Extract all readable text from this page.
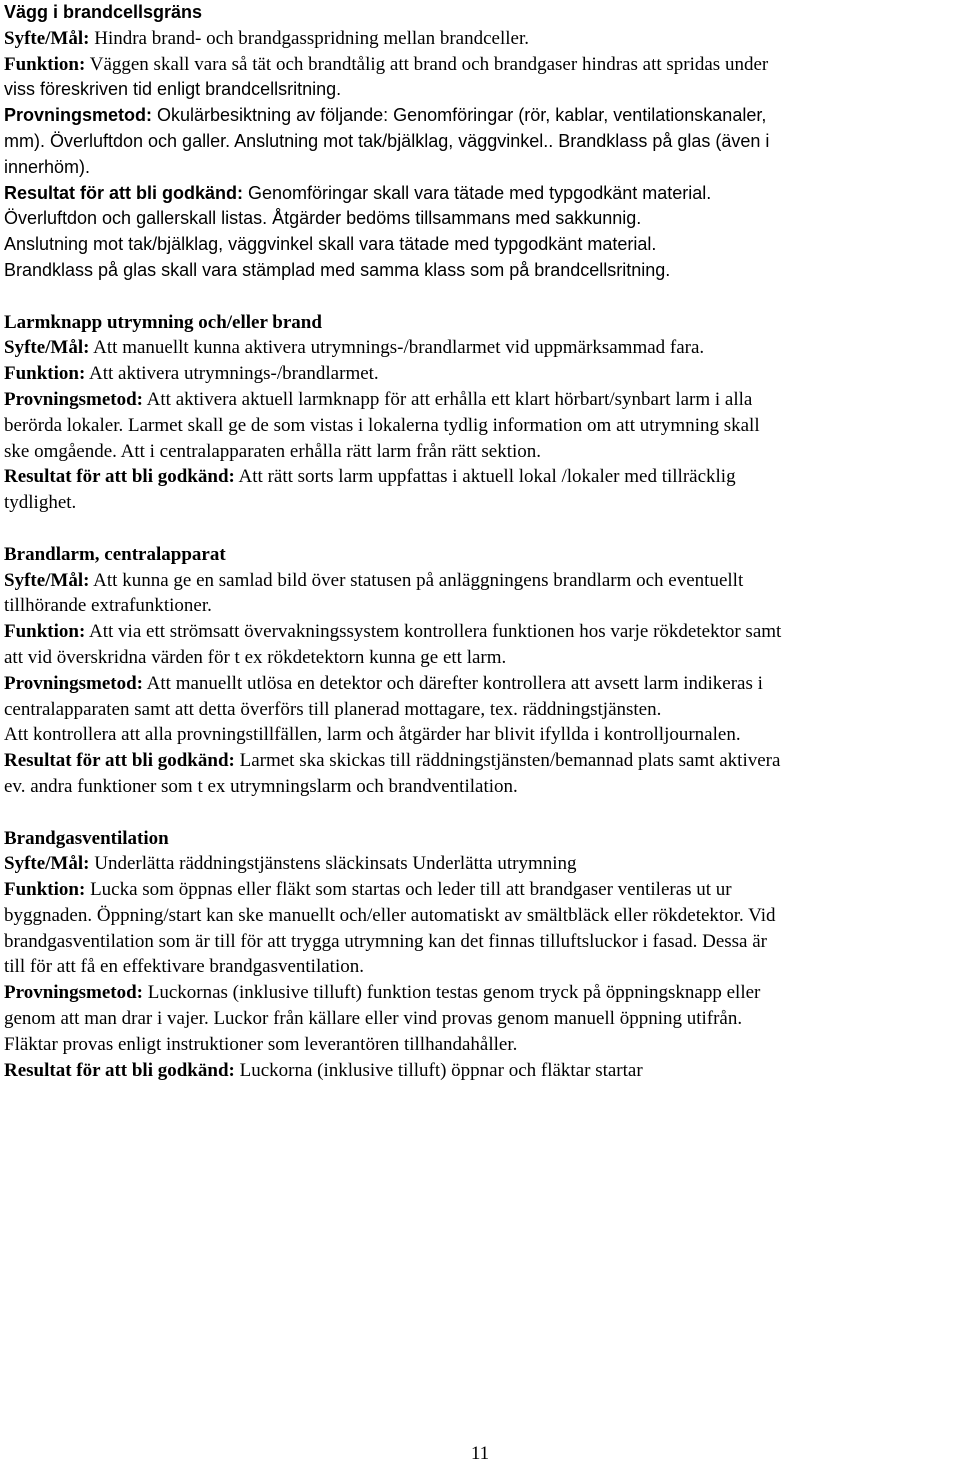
Vägg i brandcellsgräns
Syfte/Mål: Hindra brand- och brandgasspridning mellan brandceller.
Funktion: Väggen skall vara så tät och brandtålig att brand och brandgaser hindras att spridas under
viss föreskriven tid enligt brandcellsritning.
Provningsmetod: Okulärbesiktning av följande: Genomföringar (rör, kablar, ventilationskanaler,
mm). Överluftdon och galler. Anslutning mot tak/bjälklag, väggvinkel.. Brandklass på glas (även i
innerhöm).
Resultat för att bli godkänd: Genomföringar skall vara tätade med typgodkänt material.
Överluftdon och gallerskall listas. Åtgärder bedöms tillsammans med sakkunnig.
Anslutning mot tak/bjälklag, väggvinkel skall vara tätade med typgodkänt material.
Brandklass på glas skall vara stämplad med samma klass som på brandcellsritning.
Larmknapp utrymning och/eller brand
Syfte/Mål: Att manuellt kunna aktivera utrymnings-/brandlarmet vid uppmärksammad fara.
Funktion: Att aktivera utrymnings-/brandlarmet.
Provningsmetod: Att aktivera aktuell larmknapp för att erhålla ett klart hörbart/synbart larm i alla
berörda lokaler. Larmet skall ge de som vistas i lokalerna tydlig information om att utrymning skall
ske omgående. Att i centralapparaten erhålla rätt larm från rätt sektion.
Resultat för att bli godkänd: Att rätt sorts larm uppfattas i aktuell lokal /lokaler med tillräcklig
tydlighet.
Brandlarm, centralapparat
Syfte/Mål: Att kunna ge en samlad bild över statusen på anläggningens brandlarm och eventuellt
tillhörande extrafunktioner.
Funktion: Att via ett strömsatt övervakningssystem kontrollera funktionen hos varje rökdetektor samt
att vid överskridna värden för t ex rökdetektorn kunna ge ett larm.
Provningsmetod: Att manuellt utlösa en detektor och därefter kontrollera att avsett larm indikeras i
centralapparaten samt att detta överförs till planerad mottagare, tex. räddningstjänsten.
Att kontrollera att alla provningstillfällen, larm och åtgärder har blivit ifyllda i kontrolljournalen.
Resultat för att bli godkänd: Larmet ska skickas till räddningstjänsten/bemannad plats samt aktivera
ev. andra funktioner som t ex utrymningslarm och brandventilation.
Brandgasventilation
Syfte/Mål: Underlätta räddningstjänstens släckinsats Underlätta utrymning
Funktion: Lucka som öppnas eller fläkt som startas och leder till att brandgaser ventileras ut ur
byggnaden. Öppning/start kan ske manuellt och/eller automatiskt av smältbläck eller rökdetektor. Vid
brandgasventilation som är till för att trygga utrymning kan det finnas tilluftsluckor i fasad. Dessa är
till för att få en effektivare brandgasventilation.
Provningsmetod: Luckornas (inklusive tilluft) funktion testas genom tryck på öppningsknapp eller
genom att man drar i vajer. Luckor från källare eller vind provas genom manuell öppning utifrån.
Fläktar provas enligt instruktioner som leverantören tillhandahåller.
Resultat för att bli godkänd: Luckorna (inklusive tilluft) öppnar och fläktar startar
11
